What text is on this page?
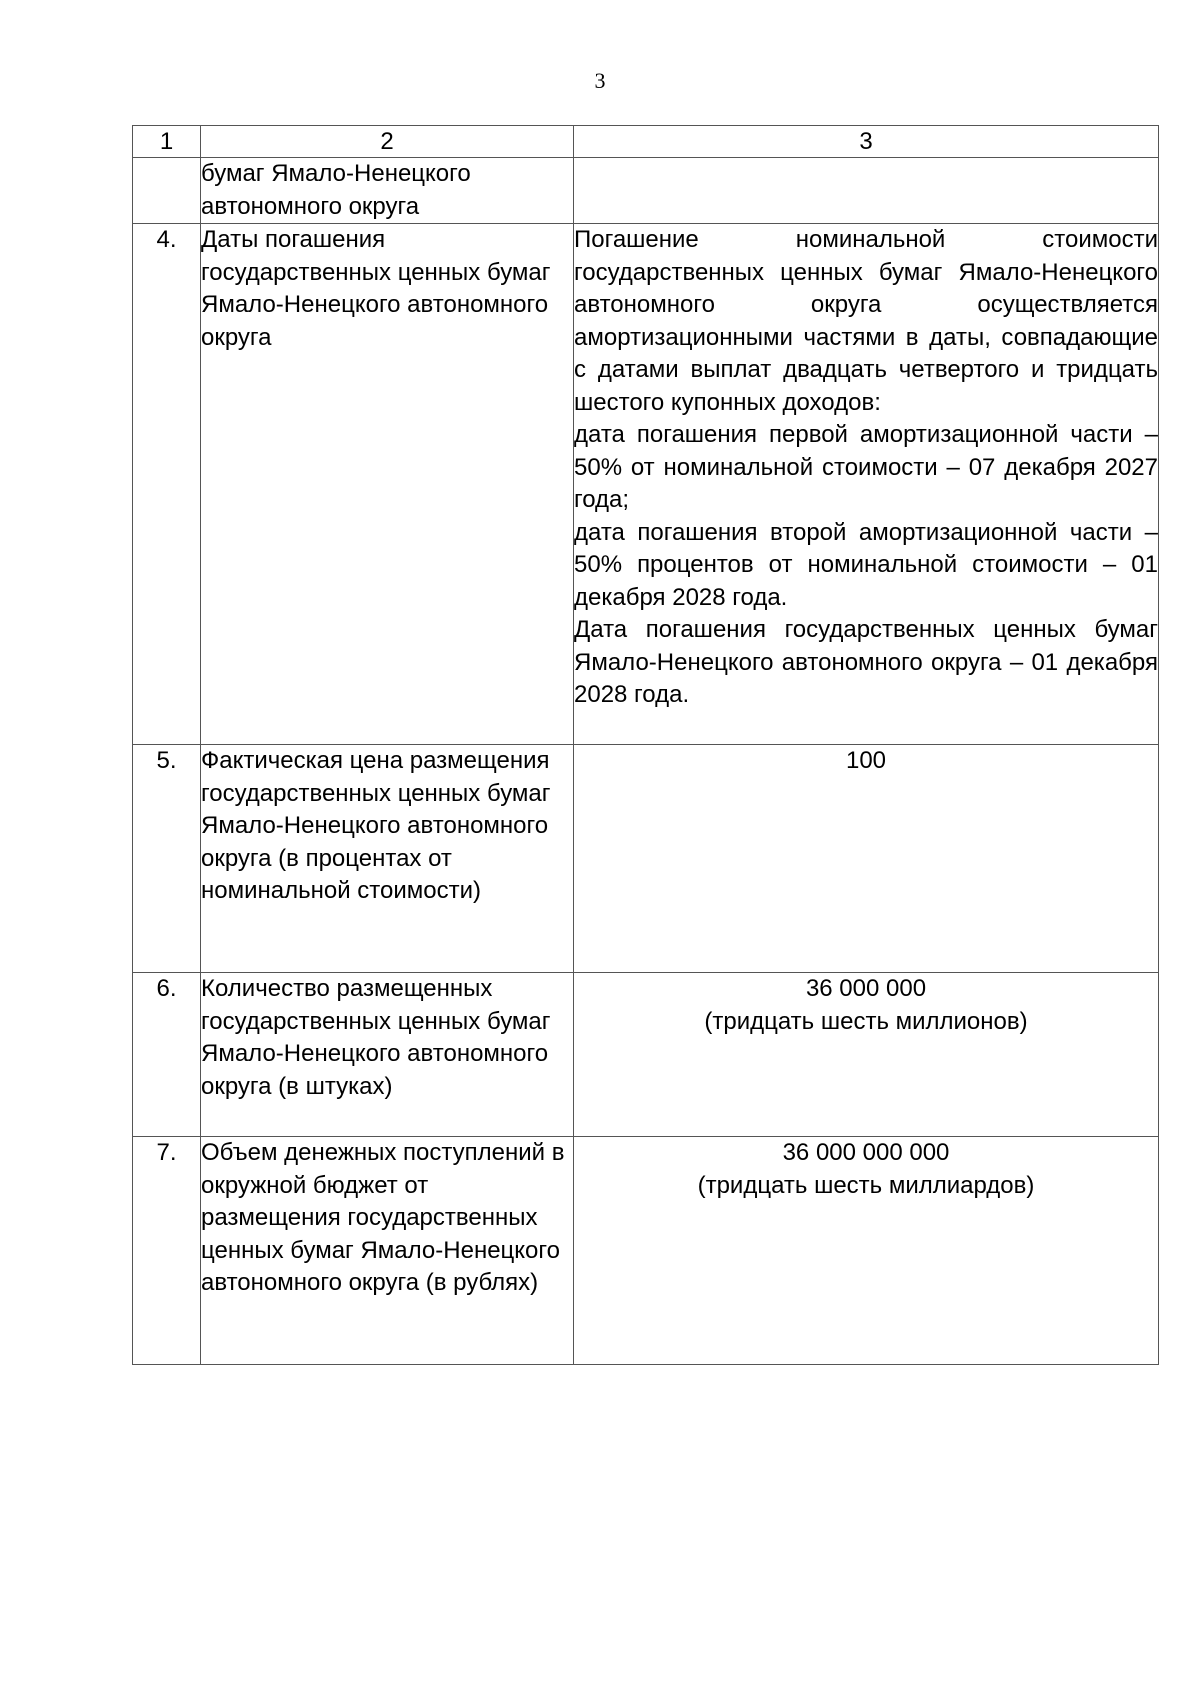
3
1	2	3
	бумаг Ямало-Ненецкого автономного округа	
4.	Даты погашения государственных ценных бумаг Ямало-Ненецкого автономного округа	Погашение номинальной стоимости государственных ценных бумаг Ямало-Ненецкого автономного округа осуществляется амортизационными частями в даты, совпадающие с датами выплат двадцать четвертого и тридцать шестого купонных доходов:

дата погашения первой амортизационной части – 50% от номинальной стоимости – 07 декабря 2027 года;

дата погашения второй амортизационной части – 50% процентов от номинальной стоимости – 01 декабря 2028 года.

Дата погашения государственных ценных бумаг Ямало-Ненецкого автономного округа – 01 декабря 2028 года.

5.	Фактическая цена размещения государственных ценных бумаг Ямало-Ненецкого автономного округа (в процентах от номинальной стоимости)	100

6.	Количество размещенных государственных ценных бумаг Ямало-Ненецкого автономного округа (в штуках)	36 000 000

(тридцать шесть миллионов)

7.	Объем денежных поступлений в окружной бюджет от размещения государственных ценных бумаг Ямало-Ненецкого автономного округа (в рублях)	36 000 000 000

(тридцать шесть миллиардов)
